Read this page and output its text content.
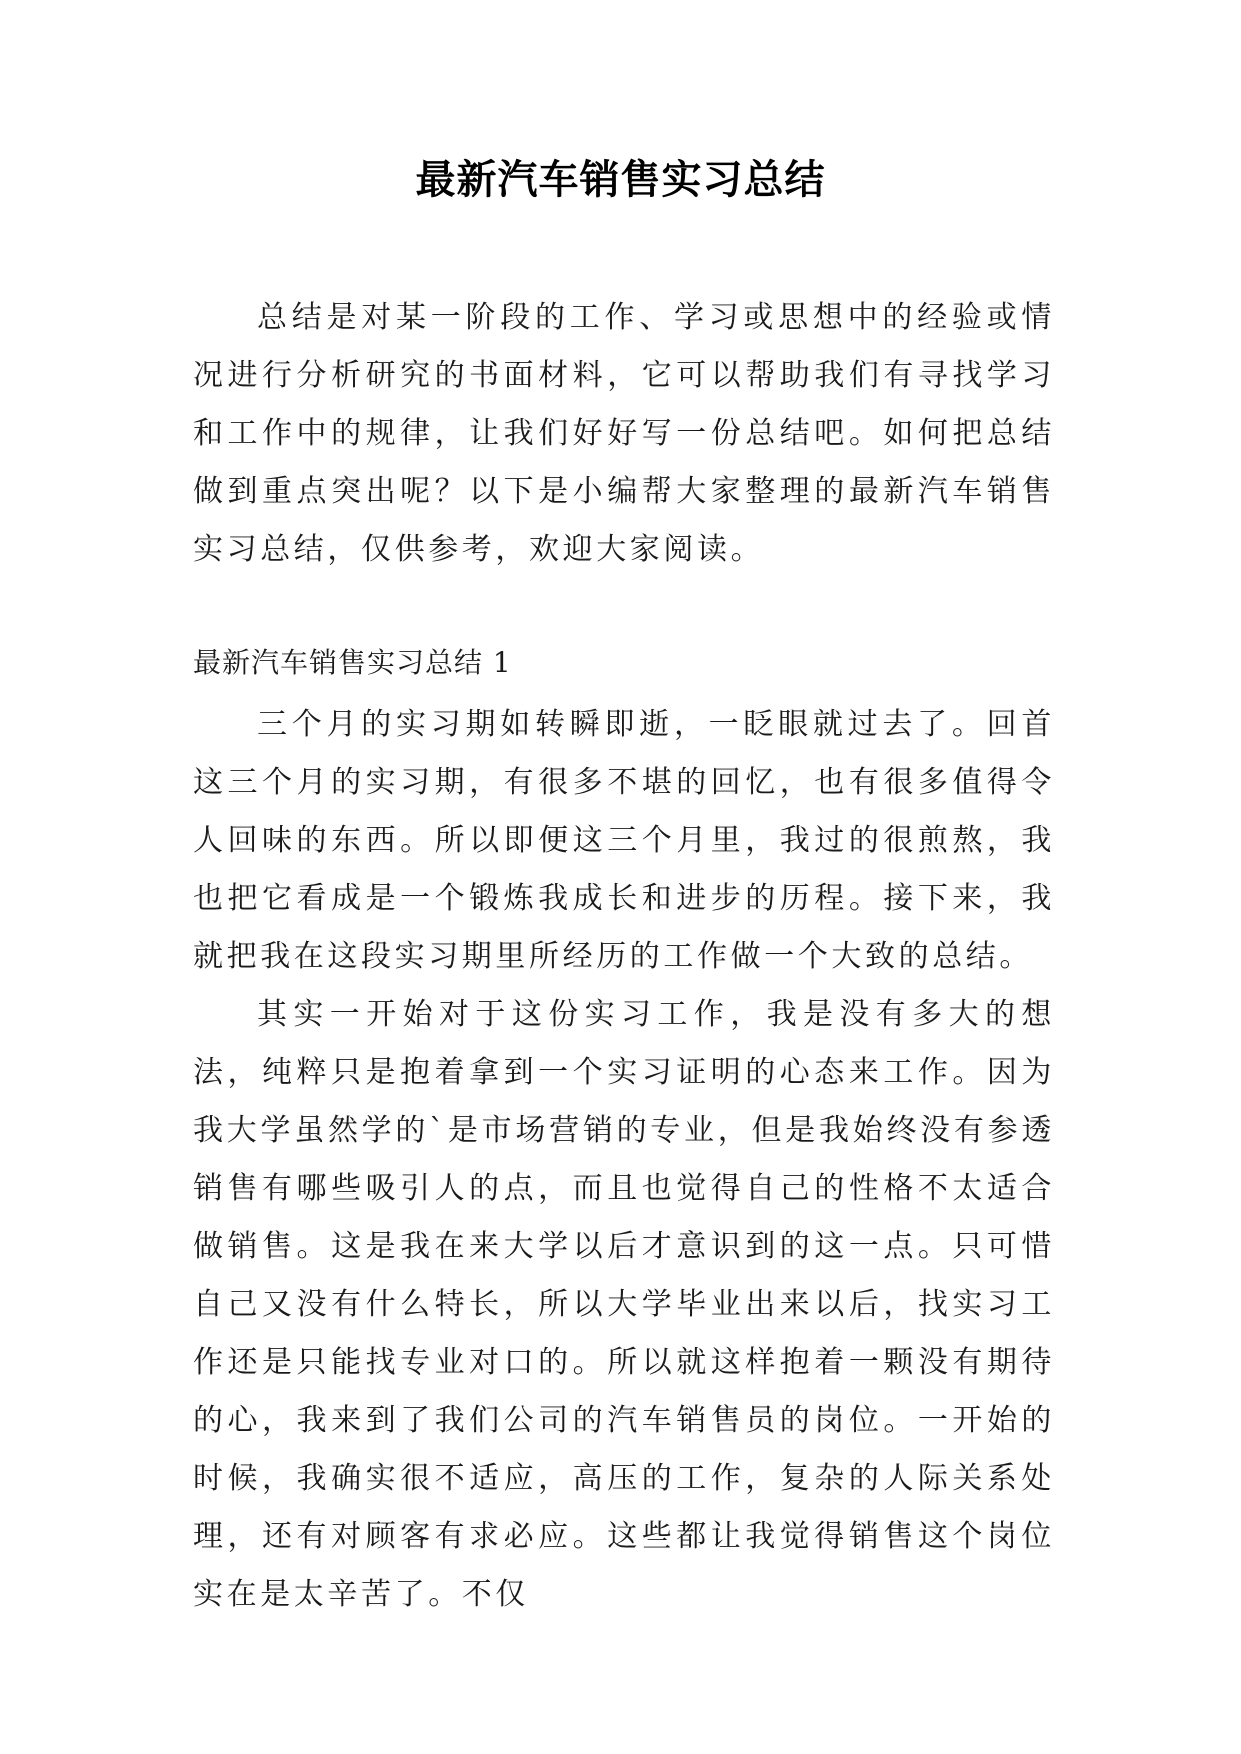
最新汽车销售实习总结

总结是对某一阶段的工作、学习或思想中的经验或情况进行分析研究的书面材料，它可以帮助我们有寻找学习和工作中的规律，让我们好好写一份总结吧。如何把总结做到重点突出呢？以下是小编帮大家整理的最新汽车销售实习总结，仅供参考，欢迎大家阅读。

最新汽车销售实习总结 1

三个月的实习期如转瞬即逝，一眨眼就过去了。回首这三个月的实习期，有很多不堪的回忆，也有很多值得令人回味的东西。所以即便这三个月里，我过的很煎熬，我也把它看成是一个锻炼我成长和进步的历程。接下来，我就把我在这段实习期里所经历的工作做一个大致的总结。

其实一开始对于这份实习工作，我是没有多大的想法，纯粹只是抱着拿到一个实习证明的心态来工作。因为我大学虽然学的`是市场营销的专业，但是我始终没有参透销售有哪些吸引人的点，而且也觉得自己的性格不太适合做销售。这是我在来大学以后才意识到的这一点。只可惜自己又没有什么特长，所以大学毕业出来以后，找实习工作还是只能找专业对口的。所以就这样抱着一颗没有期待的心，我来到了我们公司的汽车销售员的岗位。一开始的时候，我确实很不适应，高压的工作，复杂的人际关系处理，还有对顾客有求必应。这些都让我觉得销售这个岗位实在是太辛苦了。不仅
